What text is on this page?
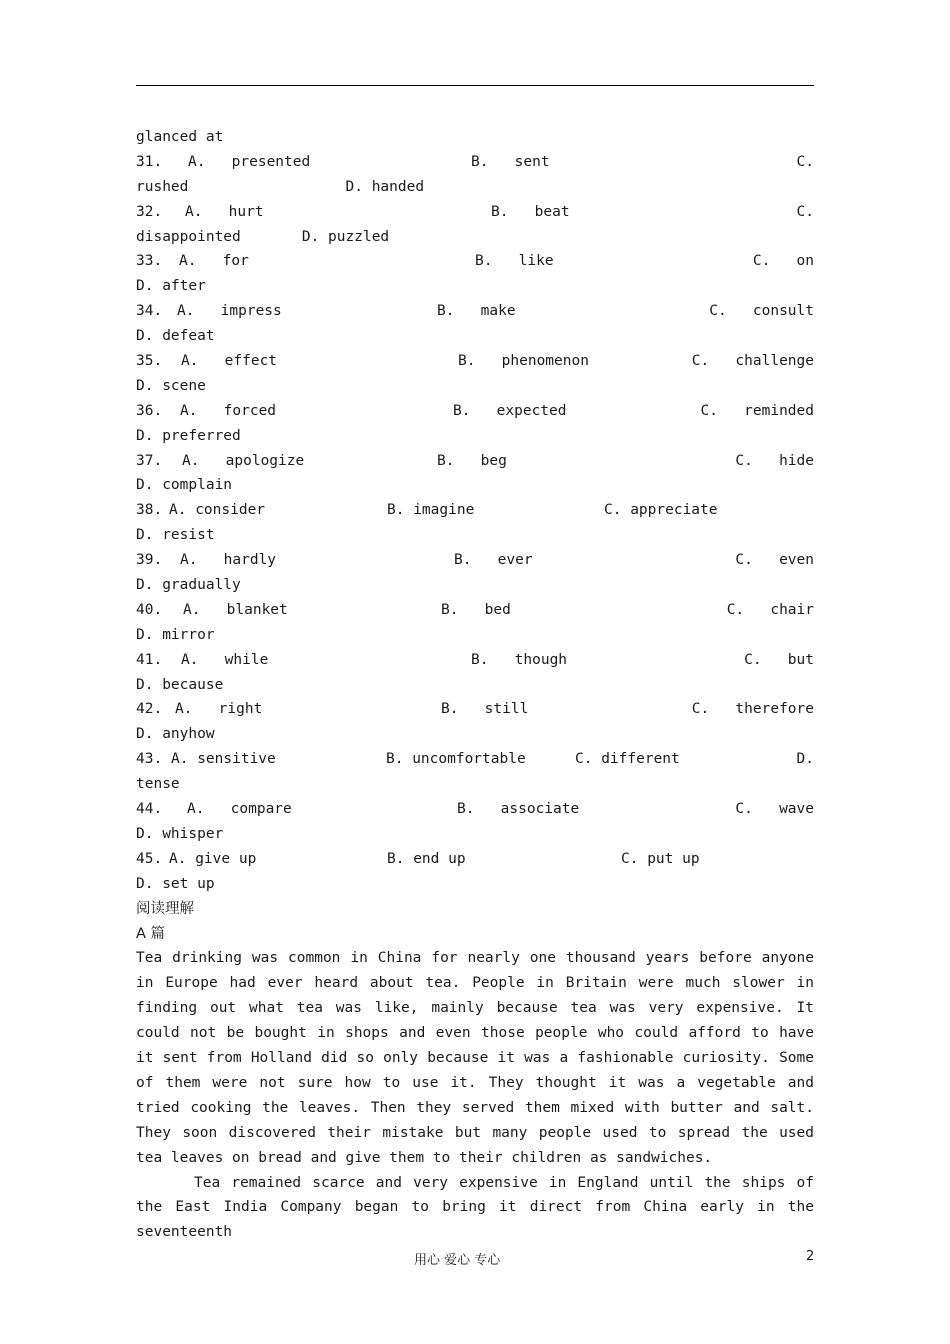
glanced at
31. A.   presented	B.   sent	C.
rushed                  D. handed
32. A.   hurt	B.   beat	C.
disappointed       D. puzzled
33. A.   for	B.   like	C.   on
D. after
34. A.   impress	B.   make	C.   consult
D. defeat
35. A.   effect	B.   phenomenon	C.   challenge
D. scene
36. A.   forced	B.   expected	C.   reminded
D. preferred
37. A.   apologize	B.   beg	C.   hide
D. complain
38. A. consider	B. imagine	C. appreciate
D. resist
39. A.   hardly	B.   ever	C.   even
D. gradually
40. A.   blanket	B.   bed	C.   chair
D. mirror
41. A.   while	B.   though	C.   but
D. because
42. A.   right	B.   still	C.   therefore
D. anyhow
43. A. sensitive	B. uncomfortable	C. different	D.
tense
44. A.   compare	B.   associate	C.   wave
D. whisper
45. A. give up	B. end up	C. put up
D. set up
阅读理解
A 篇

Tea drinking was common in China for nearly one thousand years before anyone in Europe had ever heard about tea. People in Britain were much slower in finding out what tea was like, mainly because tea was very expensive. It could not be bought in shops and even those people who could afford to have it sent from Holland did so only because it was a fashionable curiosity. Some of them were not sure how to use it. They thought it was a vegetable and tried cooking the leaves. Then they served them mixed with butter and salt. They soon discovered their mistake but many people used to spread the used tea leaves on bread and give them to their children as sandwiches.

Tea remained scarce and very expensive in England until the ships of the East India Company began to bring it direct from China early in the seventeenth

用心 爱心 专心	2
